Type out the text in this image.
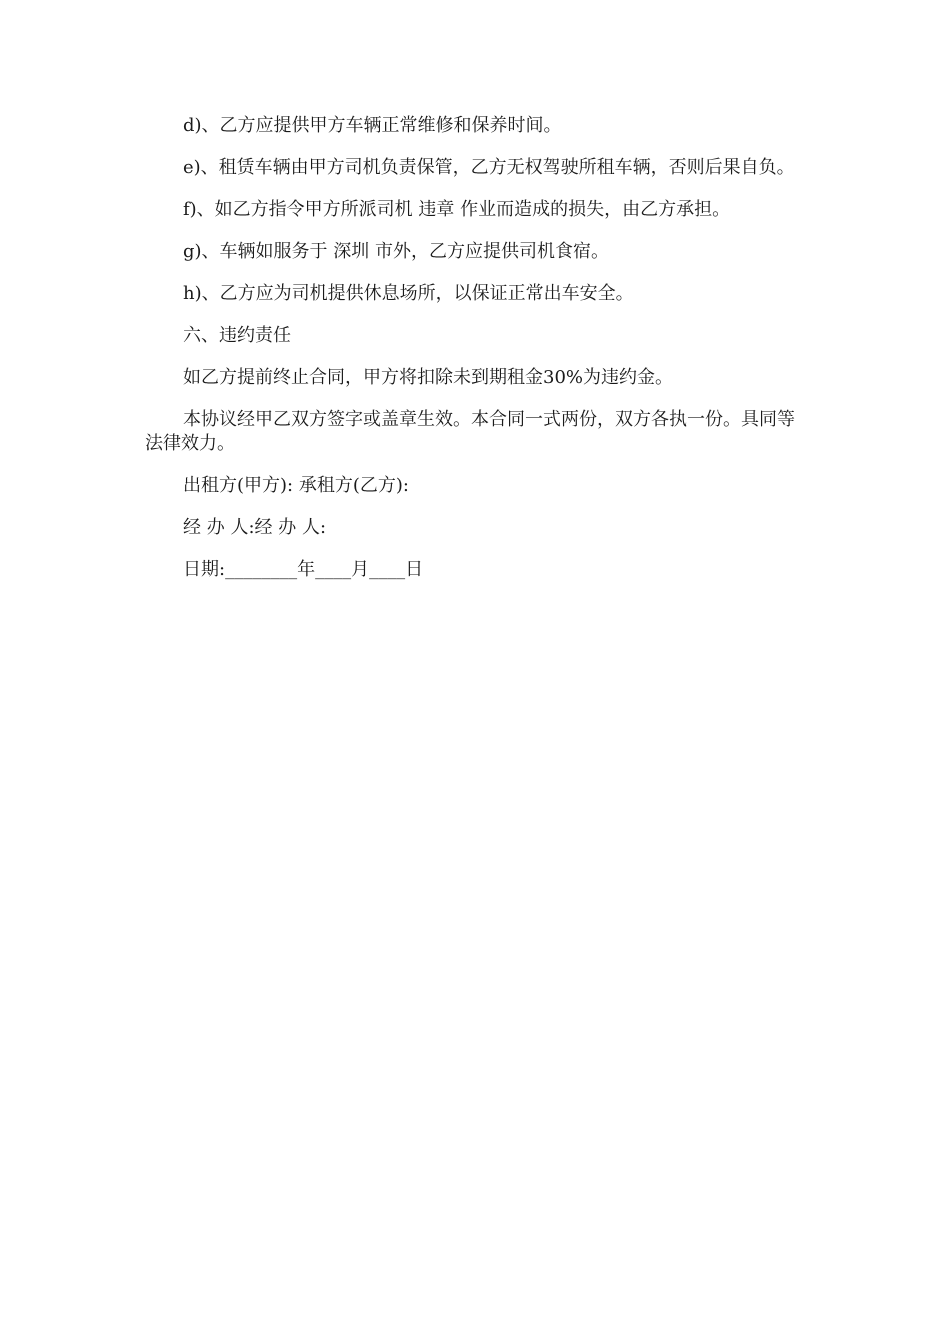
d)、乙方应提供甲方车辆正常维修和保养时间。

e)、租赁车辆由甲方司机负责保管，乙方无权驾驶所租车辆，否则后果自负。

f)、如乙方指令甲方所派司机 违章 作业而造成的损失，由乙方承担。

g)、车辆如服务于 深圳 市外，乙方应提供司机食宿。

h)、乙方应为司机提供休息场所，以保证正常出车安全。

六、违约责任

如乙方提前终止合同，甲方将扣除未到期租金30%为违约金。

本协议经甲乙双方签字或盖章生效。本合同一式两份，双方各执一份。具同等法律效力。

出租方(甲方): 承租方(乙方):

经 办 人:经 办 人:

日期:________年____月____日
